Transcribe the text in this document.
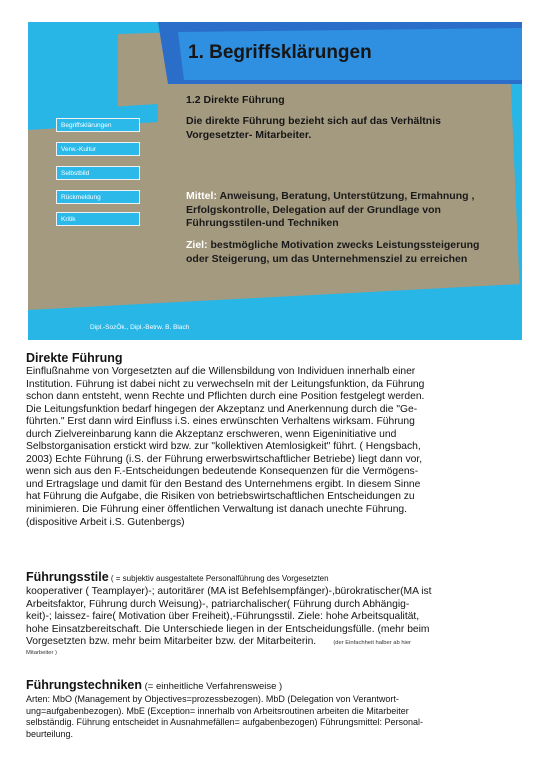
1. Begriffsklärungen
Begriffsklärungen
Verw.-Kultur
Selbstbild
Rückmeldung
Kritik

1.2 Direkte Führung

Die direkte Führung bezieht sich auf das Verhältnis Vorgesetzter- Mitarbeiter.
Mittel: Anweisung, Beratung, Unterstützung, Ermahnung , Erfolgskontrolle, Delegation auf der Grundlage von Führungsstilen-und Techniken
Ziel: bestmögliche Motivation zwecks Leistungssteigerung oder Steigerung, um das Unternehmensziel zu erreichen
Dipl.-SozÖk., Dipl.-Betrw. B. Blach

Direkte Führung

Einflußnahme von Vorgesetzten auf die Willensbildung von Individuen innerhalb einer

Institution. Führung ist dabei nicht zu verwechseln mit der Leitungsfunktion, da Führung

schon dann entsteht, wenn Rechte und Pflichten durch eine Position festgelegt werden.

Die Leitungsfunktion bedarf hingegen der Akzeptanz und Anerkennung durch die "Ge-

führten." Erst dann wird Einfluss i.S. eines erwünschten Verhaltens wirksam. Führung

durch Zielvereinbarung kann die Akzeptanz erschweren, wenn Eigeninitiative und

Selbstorganisation erstickt wird bzw. zur "kollektiven Atemlosigkeit" führt. ( Hengsbach,

2003) Echte Führung (i.S. der Führung erwerbswirtschaftlicher Betriebe) liegt dann vor,

wenn sich aus den F.-Entscheidungen bedeutende Konsequenzen für die Vermögens-

und Ertragslage und damit für den Bestand des Unternehmens ergibt. In diesem Sinne

hat Führung die Aufgabe, die Risiken von betriebswirtschaftlichen Entscheidungen zu

minimieren. Die Führung einer öffentlichen Verwaltung ist danach unechte Führung.

(dispositive Arbeit i.S. Gutenbergs)

Führungsstile ( = subjektiv ausgestaltete Personalführung des Vorgesetzten

kooperativer ( Teamplayer)-; autoritärer (MA ist Befehlsempfänger)-,bürokratischer(MA ist

Arbeitsfaktor, Führung durch Weisung)-, patriarchalischer( Führung durch Abhängig-

keit)-; laissez- faire( Motivation über Freiheit),-Führungsstil. Ziele: hohe Arbeitsqualität,

hohe Einsatzbereitschaft. Die Unterschiede liegen in der Entscheidungsfülle. (mehr beim

Vorgesetzten bzw. mehr beim Mitarbeiter bzw. der Mitarbeiterin.	(der Einfachheit halber ab hier

Mitarbeiter )

Führungstechniken (= einheitliche Verfahrensweise )

Arten: MbO (Management by Objectives=prozessbezogen). MbD (Delegation von Verantwort-

ung=aufgabenbezogen). MbE (Exception= innerhalb von Arbeitsroutinen arbeiten die Mitarbeiter

selbständig. Führung entscheidet in Ausnahmefällen= aufgabenbezogen) Führungsmittel: Personal-

beurteilung.
